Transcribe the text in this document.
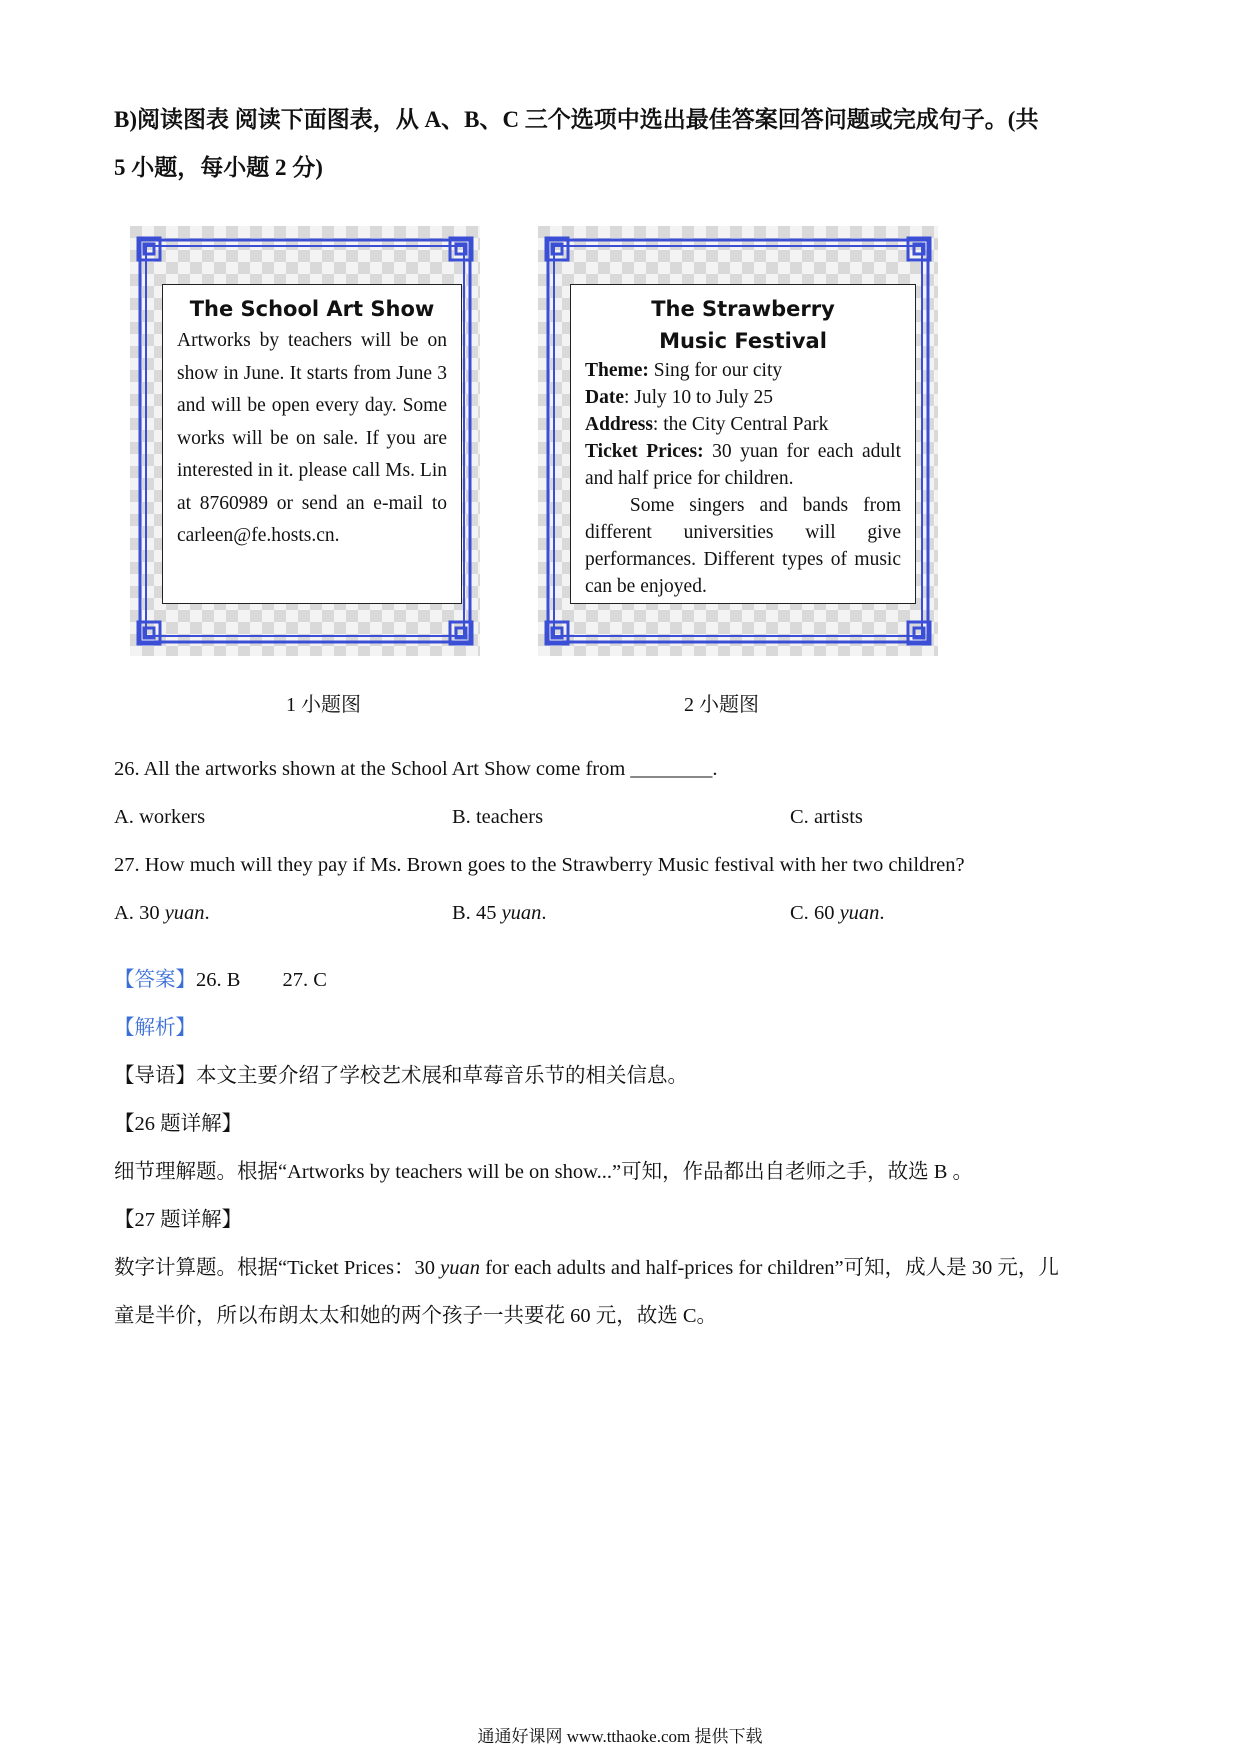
B)阅读图表 阅读下面图表，从 A、B、C 三个选项中选出最佳答案回答问题或完成句子。(共
5 小题，每小题 2 分)
The School Art Show
Artworks by teachers will be on show in June. It starts from June 3 and will be open every day. Some works will be on sale. If you are interested in it. please call Ms. Lin at 8760989 or send an e-mail to carleen@fe.hosts.cn.
1 小题图
The Strawberry
Music Festival
Theme: Sing for our city
Date: July 10 to July 25
Address: the City Central Park
Ticket Prices: 30 yuan for each adult and half price for children.
Some singers and bands from different universities will give performances. Different types of music can be enjoyed.
2 小题图
26. All the artworks shown at the School Art Show come from ________.
A. workers	B. teachers	C. artists
27. How much will they pay if Ms. Brown goes to the Strawberry Music festival with her two children?
A. 30 yuan.	B. 45 yuan.	C. 60 yuan.
【答案】26. B 27. C
【解析】
【导语】本文主要介绍了学校艺术展和草莓音乐节的相关信息。
【26 题详解】
细节理解题。根据“Artworks by teachers will be on show...”可知，作品都出自老师之手，故选 B 。
【27 题详解】
数字计算题。根据“Ticket Prices：30 yuan for each adults and half-prices for children”可知，成人是 30 元，儿
童是半价，所以布朗太太和她的两个孩子一共要花 60 元，故选 C。
通通好课网 www.tthaoke.com 提供下载
